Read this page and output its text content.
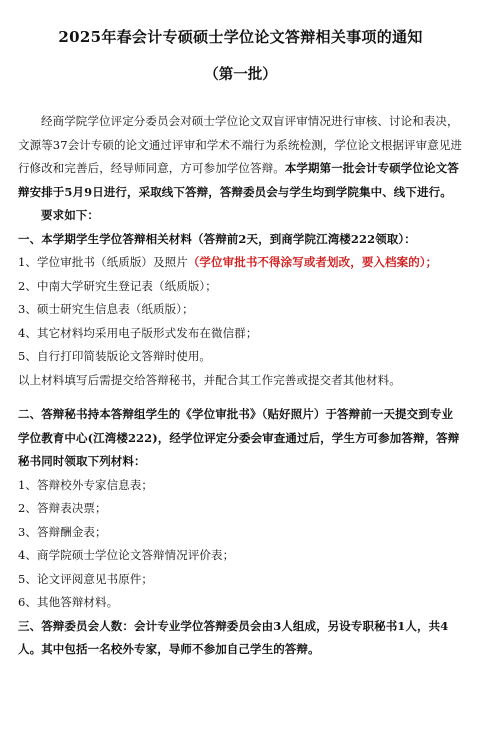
2025年春会计专硕硕士学位论文答辩相关事项的通知
（第一批）

经商学院学位评定分委员会对硕士学位论文双盲评审情况进行审核、讨论和表决，文源等37会计专硕的论文通过评审和学术不端行为系统检测，学位论文根据评审意见进行修改和完善后，经导师同意，方可参加学位答辩。本学期第一批会计专硕学位论文答辩安排于5月9日进行，采取线下答辩，答辩委员会与学生均到学院集中、线下进行。

要求如下：

一、本学期学生学位答辩相关材料（答辩前2天，到商学院江湾楼222领取）：

1、学位审批书（纸质版）及照片（学位审批书不得涂写或者划改，要入档案的）；

2、中南大学研究生登记表（纸质版）；

3、硕士研究生信息表（纸质版）；

4、其它材料均采用电子版形式发布在微信群；

5、自行打印简装版论文答辩时使用。

以上材料填写后需提交给答辩秘书，并配合其工作完善或提交者其他材料。

二、答辩秘书持本答辩组学生的《学位审批书》（贴好照片）于答辩前一天提交到专业学位教育中心(江湾楼222)，经学位评定分委会审查通过后，学生方可参加答辩，答辩秘书同时领取下列材料：

1、答辩校外专家信息表；

2、答辩表决票；

3、答辩酬金表；

4、商学院硕士学位论文答辩情况评价表；

5、论文评阅意见书原件；

6、其他答辩材料。

三、答辩委员会人数：会计专业学位答辩委员会由3人组成，另设专职秘书1人，共4人。其中包括一名校外专家，导师不参加自己学生的答辩。
